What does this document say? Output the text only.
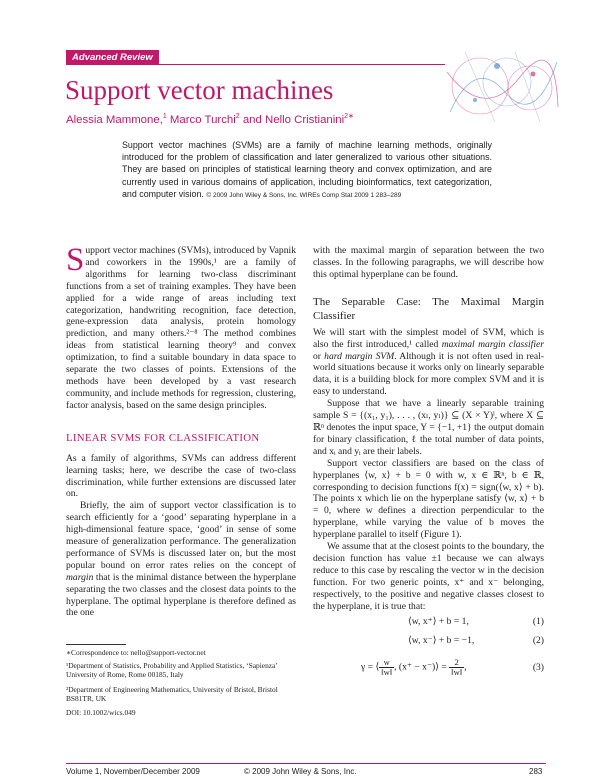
Advanced Review
Support vector machines
Alessia Mammone,$^1$ Marco Turchi$^2$ and Nello Cristianini$^{2∗}$
Support vector machines (SVMs) are a family of machine learning methods, originally introduced for the problem of classification and later generalized to various other situations. They are based on principles of statistical learning theory and convex optimization, and are currently used in various domains of application, including bioinformatics, text categorization, and computer vision. © 2009 John Wiley & Sons, Inc. WIREs Comp Stat 2009 1 283–289

Support vector machines (SVMs), introduced by Vapnik and coworkers in the 1990s,¹ are a family of algorithms for learning two-class discriminant functions from a set of training examples. They have been applied for a wide range of areas including text categorization, handwriting recognition, face detection, gene-expression data analysis, protein homology prediction, and many others.²⁻⁸ The method combines ideas from statistical learning theory⁹ and convex optimization, to find a suitable boundary in data space to separate the two classes of points. Extensions of the methods have been developed by a vast research community, and include methods for regression, clustering, factor analysis, based on the same design principles.

LINEAR SVMS FOR CLASSIFICATION

As a family of algorithms, SVMs can address different learning tasks; here, we describe the case of two-class discrimination, while further extensions are discussed later on.

Briefly, the aim of support vector classification is to search efficiently for a ‘good’ separating hyperplane in a high-dimensional feature space, ‘good’ in sense of some measure of generalization performance. The generalization performance of SVMs is discussed later on, but the most popular bound on error rates relies on the concept of margin that is the minimal distance between the hyperplane separating the two classes and the closest data points to the hyperplane. The optimal hyperplane is therefore defined as the one

∗Correspondence to: nello@support-vector.net
¹Department of Statistics, Probability and Applied Statistics, ‘Sapienza’ University of Rome, Rome 00185, Italy
²Department of Engineering Mathematics, University of Bristol, Bristol BS81TR, UK
DOI: 10.1002/wics.049

with the maximal margin of separation between the two classes. In the following paragraphs, we will describe how this optimal hyperplane can be found.

The Separable Case: The Maximal Margin Classifier

We will start with the simplest model of SVM, which is also the first introduced,¹ called maximal margin classifier or hard margin SVM. Although it is not often used in real-world situations because it works only on linearly separable data, it is a building block for more complex SVM and it is easy to understand.

Suppose that we have a linearly separable training sample S = {(x₁, y₁), . . . , (xₗ, yₗ)} ⊆ (X × Y)ˡ, where X ⊆ ℝⁿ denotes the input space, Y = {−1, +1} the output domain for binary classification, ℓ the total number of data points, and xᵢ and yᵢ are their labels.

Support vector classifiers are based on the class of hyperplanes ⟨w, x⟩ + b = 0 with w, x ∈ ℝⁿ, b ∈ ℝ, corresponding to decision functions f(x) = sign(⟨w, x⟩ + b). The points x which lie on the hyperplane satisfy ⟨w, x⟩ + b = 0, where w defines a direction perpendicular to the hyperplane, while varying the value of b moves the hyperplane parallel to itself (Figure 1).

We assume that at the closest points to the boundary, the decision function has value ±1 because we can always reduce to this case by rescaling the vector w in the decision function. For two generic points, x⁺ and x⁻ belonging, respectively, to the positive and negative classes closest to the hyperplane, it is true that:

⟨w, x⁺⟩ + b = 1,	(1)
⟨w, x⁻⟩ + b = −1,	(2)
γ = ⟨ $\frac{w}{‖w‖}$ , (x⁺ − x⁻)⟩ = $\frac{2}{‖w‖}$ ,	(3)
Volume 1, November/December 2009	© 2009 John Wiley & Sons, Inc.	283
